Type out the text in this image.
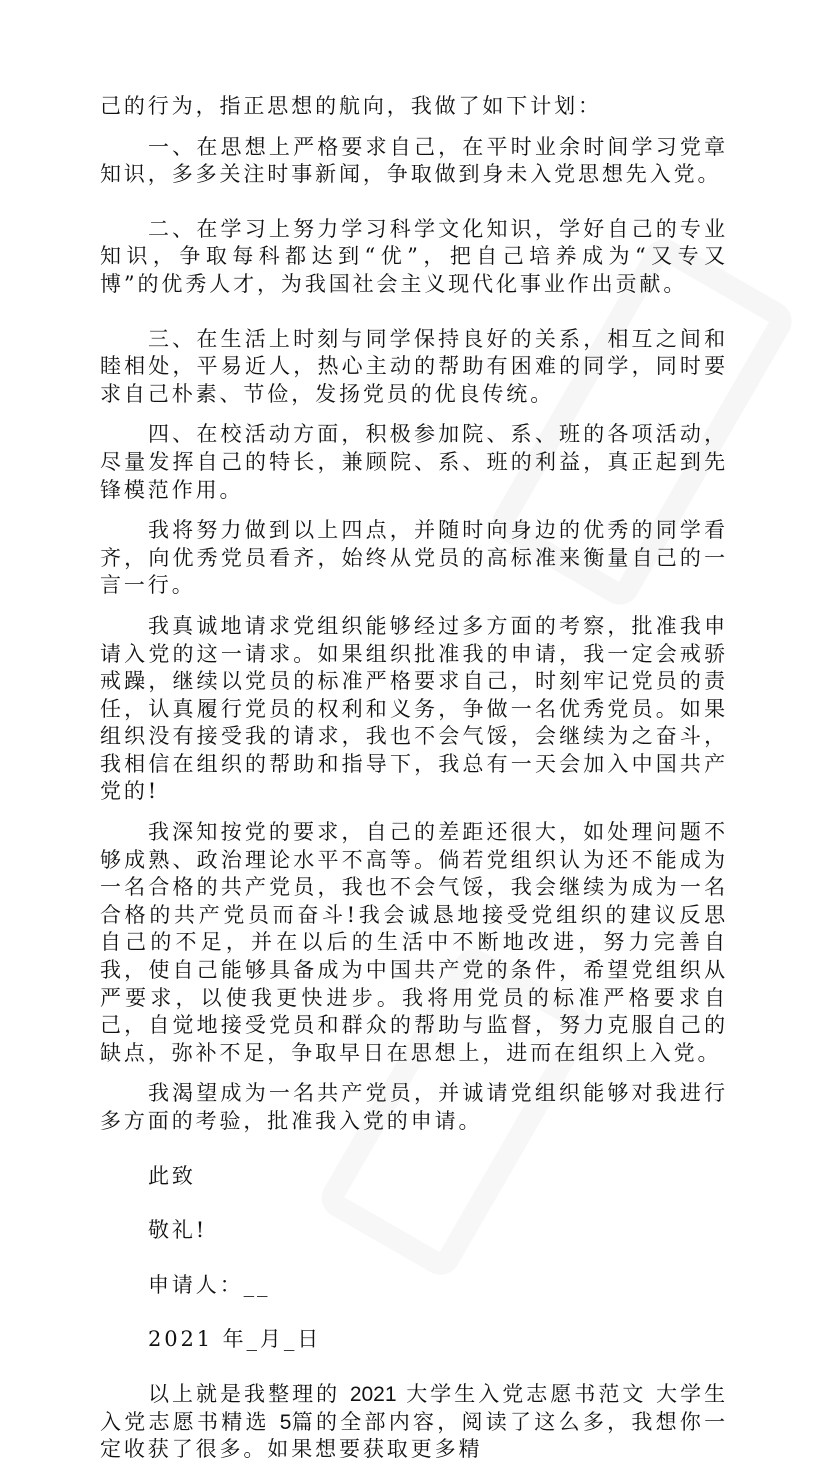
己的行为，指正思想的航向，我做了如下计划：

一、在思想上严格要求自己，在平时业余时间学习党章知识，多多关注时事新闻，争取做到身未入党思想先入党。

二、在学习上努力学习科学文化知识，学好自己的专业知识，争取每科都达到“优”，把自己培养成为“又专又博”的优秀人才，为我国社会主义现代化事业作出贡献。

三、在生活上时刻与同学保持良好的关系，相互之间和睦相处，平易近人，热心主动的帮助有困难的同学，同时要求自己朴素、节俭，发扬党员的优良传统。

四、在校活动方面，积极参加院、系、班的各项活动，尽量发挥自己的特长，兼顾院、系、班的利益，真正起到先锋模范作用。

我将努力做到以上四点，并随时向身边的优秀的同学看齐，向优秀党员看齐，始终从党员的高标准来衡量自己的一言一行。

我真诚地请求党组织能够经过多方面的考察，批准我申请入党的这一请求。如果组织批准我的申请，我一定会戒骄戒躁，继续以党员的标准严格要求自己，时刻牢记党员的责任，认真履行党员的权利和义务，争做一名优秀党员。如果组织没有接受我的请求，我也不会气馁，会继续为之奋斗，我相信在组织的帮助和指导下，我总有一天会加入中国共产党的!

我深知按党的要求，自己的差距还很大，如处理问题不够成熟、政治理论水平不高等。倘若党组织认为还不能成为一名合格的共产党员，我也不会气馁，我会继续为成为一名合格的共产党员而奋斗!我会诚恳地接受党组织的建议反思自己的不足，并在以后的生活中不断地改进，努力完善自我，使自己能够具备成为中国共产党的条件，希望党组织从严要求，以使我更快进步。我将用党员的标准严格要求自己，自觉地接受党员和群众的帮助与监督，努力克服自己的缺点，弥补不足，争取早日在思想上，进而在组织上入党。

我渴望成为一名共产党员，并诚请党组织能够对我进行多方面的考验，批准我入党的申请。

此致

敬礼!

申请人：__

2021 年_月_日

以上就是我整理的 2021 大学生入党志愿书范文 大学生入党志愿书精选 5篇的全部内容，阅读了这么多，我想你一定收获了很多。如果想要获取更多精
